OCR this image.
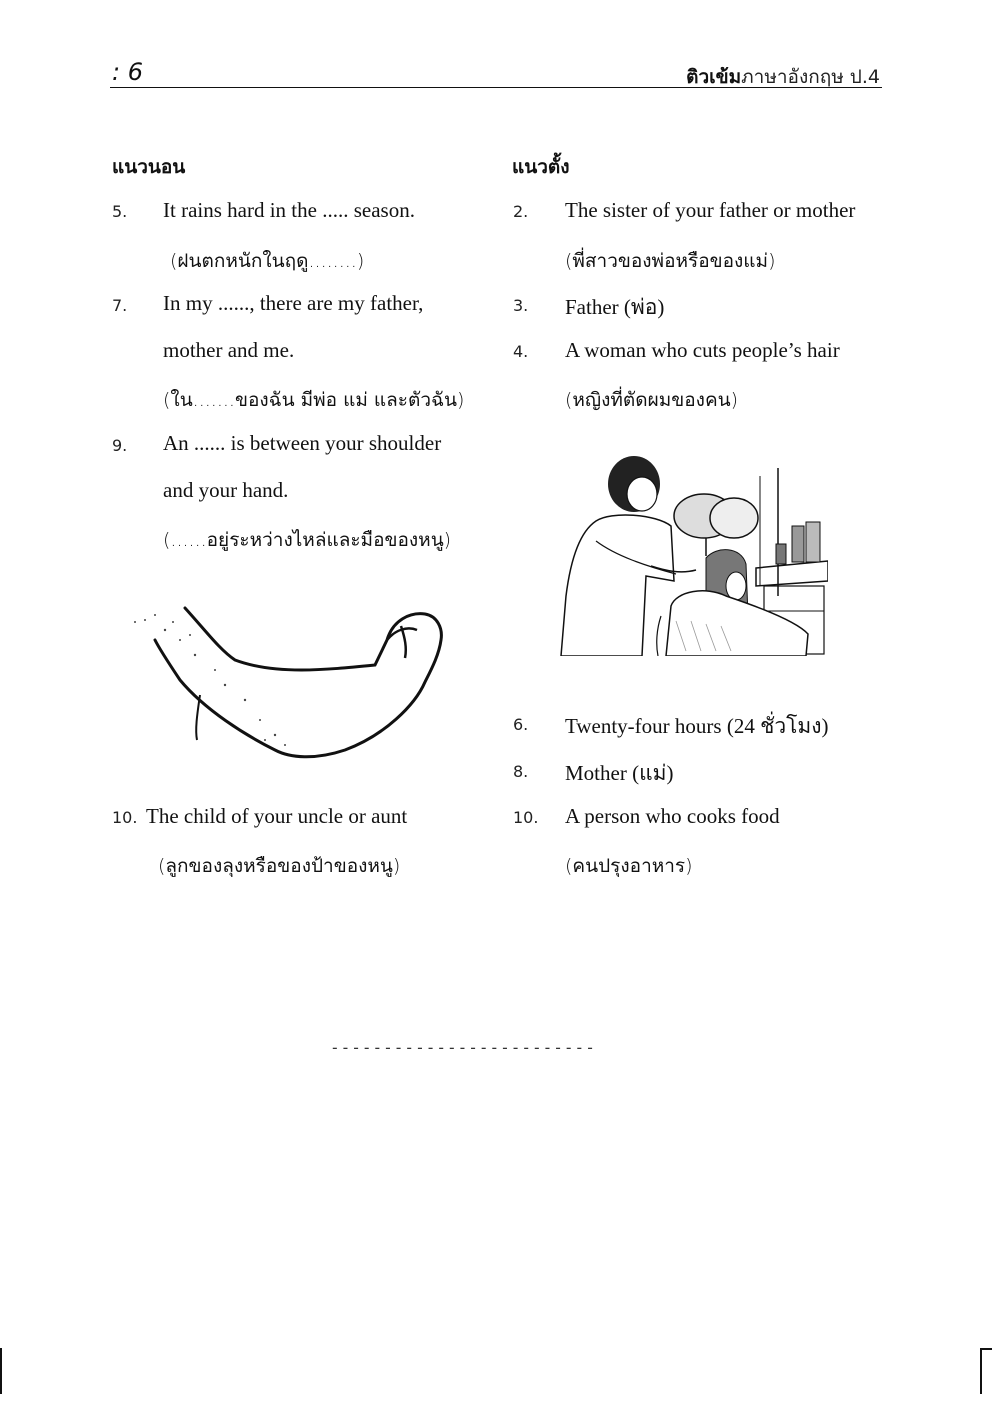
: 6	ติวเข้มภาษาอังกฤษ ป.4
แนวนอน
5. It rains hard in the ..... season.
(ฝนตกหนักในฤดู........)
7. In my ......, there are my father,
mother and me.
(ใน.......ของฉัน มีพ่อ แม่ และตัวฉัน)
9. An ...... is between your shoulder
and your hand.
(......อยู่ระหว่างไหล่และมือของหนู)
10. The child of your uncle or aunt
(ลูกของลุงหรือของป้าของหนู)
แนวตั้ง
2. The sister of your father or mother
(พี่สาวของพ่อหรือของแม่)
3. Father (พ่อ)
4. A woman who cuts people’s hair
(หญิงที่ตัดผมของคน)
6. Twenty-four hours (24 ชั่วโมง)
8. Mother (แม่)
10. A person who cooks food
(คนปรุงอาหาร)
-------------------------
